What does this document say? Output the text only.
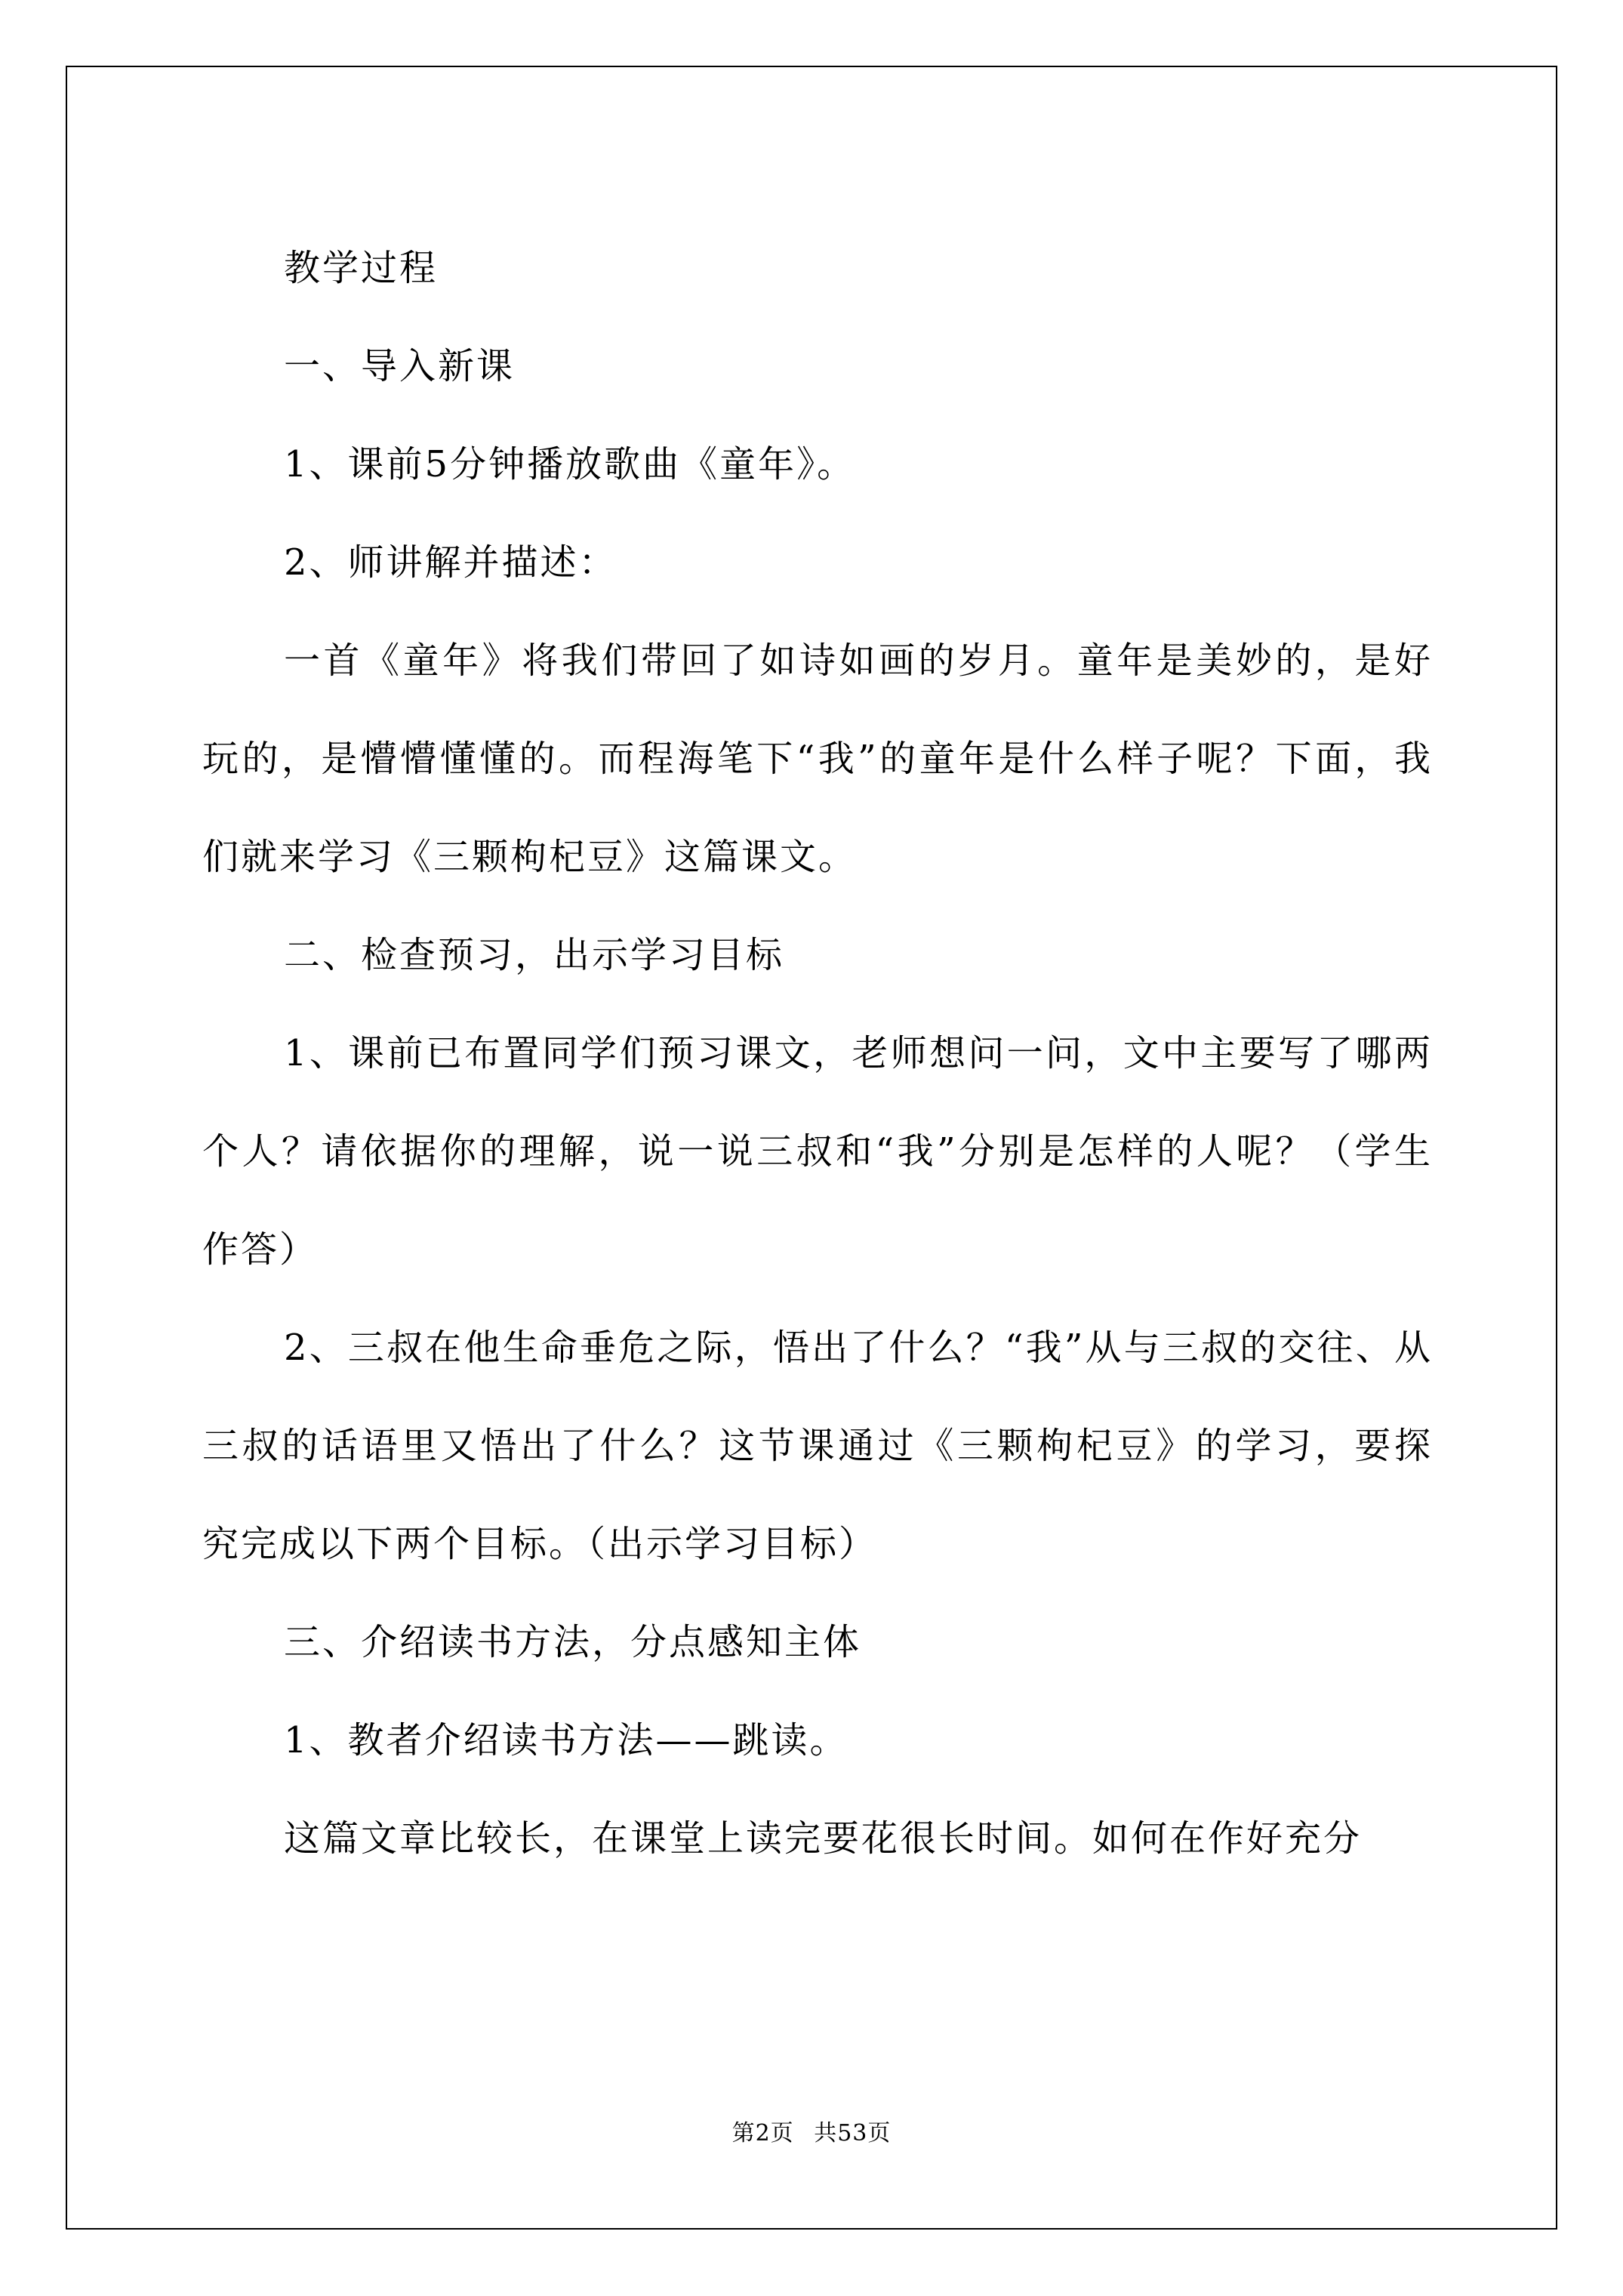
教学过程

一、导入新课

1、课前5分钟播放歌曲《童年》。

2、师讲解并描述：

一首《童年》将我们带回了如诗如画的岁月。童年是美妙的，是好玩的，是懵懵懂懂的。而程海笔下“我”的童年是什么样子呢？下面，我们就来学习《三颗枸杞豆》这篇课文。

二、检查预习，出示学习目标

1、课前已布置同学们预习课文，老师想问一问，文中主要写了哪两个人？请依据你的理解，说一说三叔和“我”分别是怎样的人呢？（学生作答）

2、三叔在他生命垂危之际，悟出了什么？“我”从与三叔的交往、从三叔的话语里又悟出了什么？这节课通过《三颗枸杞豆》的学习，要探究完成以下两个目标。（出示学习目标）

三、介绍读书方法，分点感知主体

1、教者介绍读书方法——跳读。

这篇文章比较长，在课堂上读完要花很长时间。如何在作好充分

第2页 共53页
